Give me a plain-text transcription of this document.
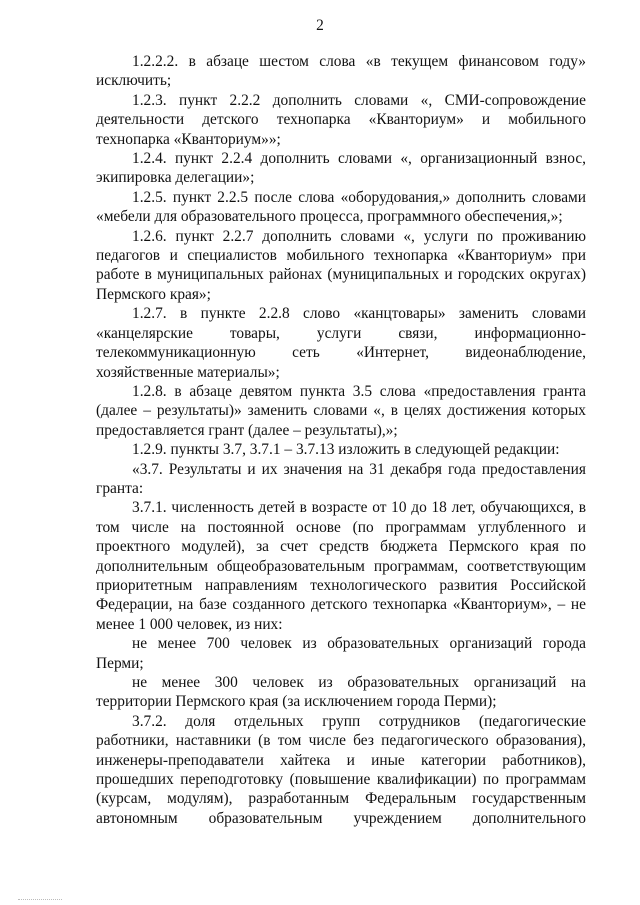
2

1.2.2.2. в абзаце шестом слова «в текущем финансовом году» исключить;

1.2.3. пункт 2.2.2 дополнить словами «, СМИ-сопровождение деятельности детского технопарка «Кванториум» и мобильного технопарка «Кванториум»»;

1.2.4. пункт 2.2.4 дополнить словами «, организационный взнос, экипировка делегации»;

1.2.5. пункт 2.2.5 после слова «оборудования,» дополнить словами «мебели для образовательного процесса, программного обеспечения,»;

1.2.6. пункт 2.2.7 дополнить словами «, услуги по проживанию педагогов и специалистов мобильного технопарка «Кванториум» при работе в муниципальных районах (муниципальных и городских округах) Пермского края»;

1.2.7. в пункте 2.2.8 слово «канцтовары» заменить словами «канцелярские товары, услуги связи, информационно-телекоммуникационную сеть «Интернет, видеонаблюдение, хозяйственные материалы»;

1.2.8. в абзаце девятом пункта 3.5 слова «предоставления гранта (далее – результаты)» заменить словами «, в целях достижения которых предоставляется грант (далее – результаты),»;

1.2.9. пункты 3.7, 3.7.1 – 3.7.13 изложить в следующей редакции:

«3.7. Результаты и их значения на 31 декабря года предоставления гранта:

3.7.1. численность детей в возрасте от 10 до 18 лет, обучающихся, в том числе на постоянной основе (по программам углубленного и проектного модулей), за счет средств бюджета Пермского края по дополнительным общеобразовательным программам, соответствующим приоритетным направлениям технологического развития Российской Федерации, на базе созданного детского технопарка «Кванториум», – не менее 1 000 человек, из них:

не менее 700 человек из образовательных организаций города Перми;

не менее 300 человек из образовательных организаций на территории Пермского края (за исключением города Перми);

3.7.2. доля отдельных групп сотрудников (педагогические работники, наставники (в том числе без педагогического образования), инженеры-преподаватели хайтека и иные категории работников), прошедших переподготовку (повышение квалификации) по программам (курсам, модулям), разработанным Федеральным государственным автономным образовательным учреждением дополнительного
